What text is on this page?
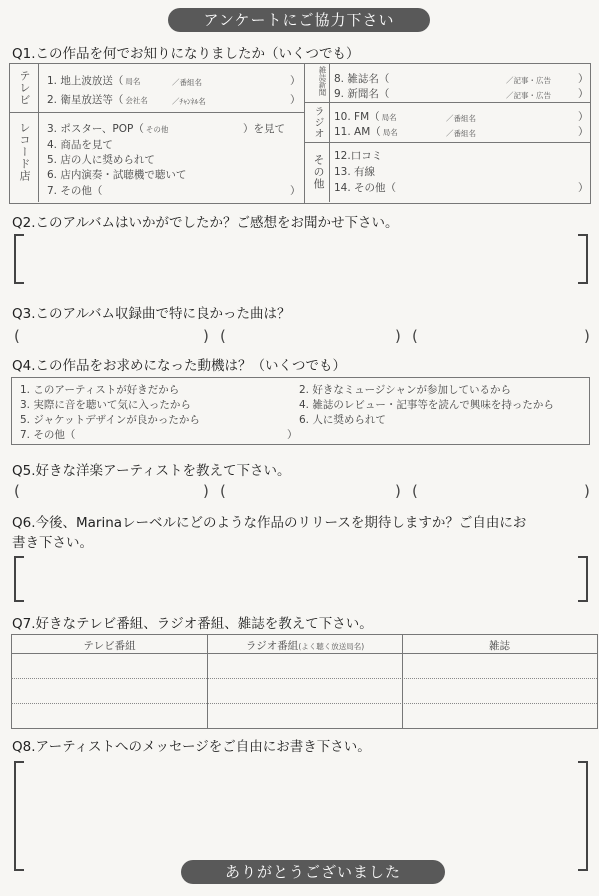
アンケートにご協力下さい
Q1.この作品を何でお知りになりましたか（いくつでも）
テレビ 1. 地上波放送（ 局名	／番組名	）
2. 衛星放送等（ 会社名	／ﾁｬﾝﾈﾙ名	）
レコード店 3. ポスター、POP（ その他	）を見て
4. 商品を見て
5. 店の人に奨められて
6. 店内演奏・試聴機で聴いて
7. その他（	）
雑誌新聞 8. 雑誌名（	／記事・広告	）
9. 新聞名（	／記事・広告	）
ラジオ 10. FM（ 局名	／番組名	）
11. AM（ 局名	／番組名	）
その他 12.口コミ
13. 有線
14. その他（	）
Q2.このアルバムはいかがでしたか？ご感想をお聞かせ下さい。
Q3.このアルバム収録曲で特に良かった曲は？
(	) (	) (	)
Q4.この作品をお求めになった動機は？（いくつでも）
1. このアーティストが好きだから
3. 実際に音を聴いて気に入ったから
5. ジャケットデザインが良かったから
7. その他（	）
2. 好きなミュージシャンが参加しているから
4. 雑誌のレビュー・記事等を読んで興味を持ったから
6. 人に奨められて
Q5.好きな洋楽アーティストを教えて下さい。
(	) (	) (	)
Q6.今後、Marinaレーベルにどのような作品のリリースを期待しますか？ご自由にお
書き下さい。
Q7.好きなテレビ番組、ラジオ番組、雑誌を教えて下さい。
テレビ番組	ラジオ番組(よく聴く放送局名)	雑誌
Q8.アーティストへのメッセージをご自由にお書き下さい。
ありがとうございました
